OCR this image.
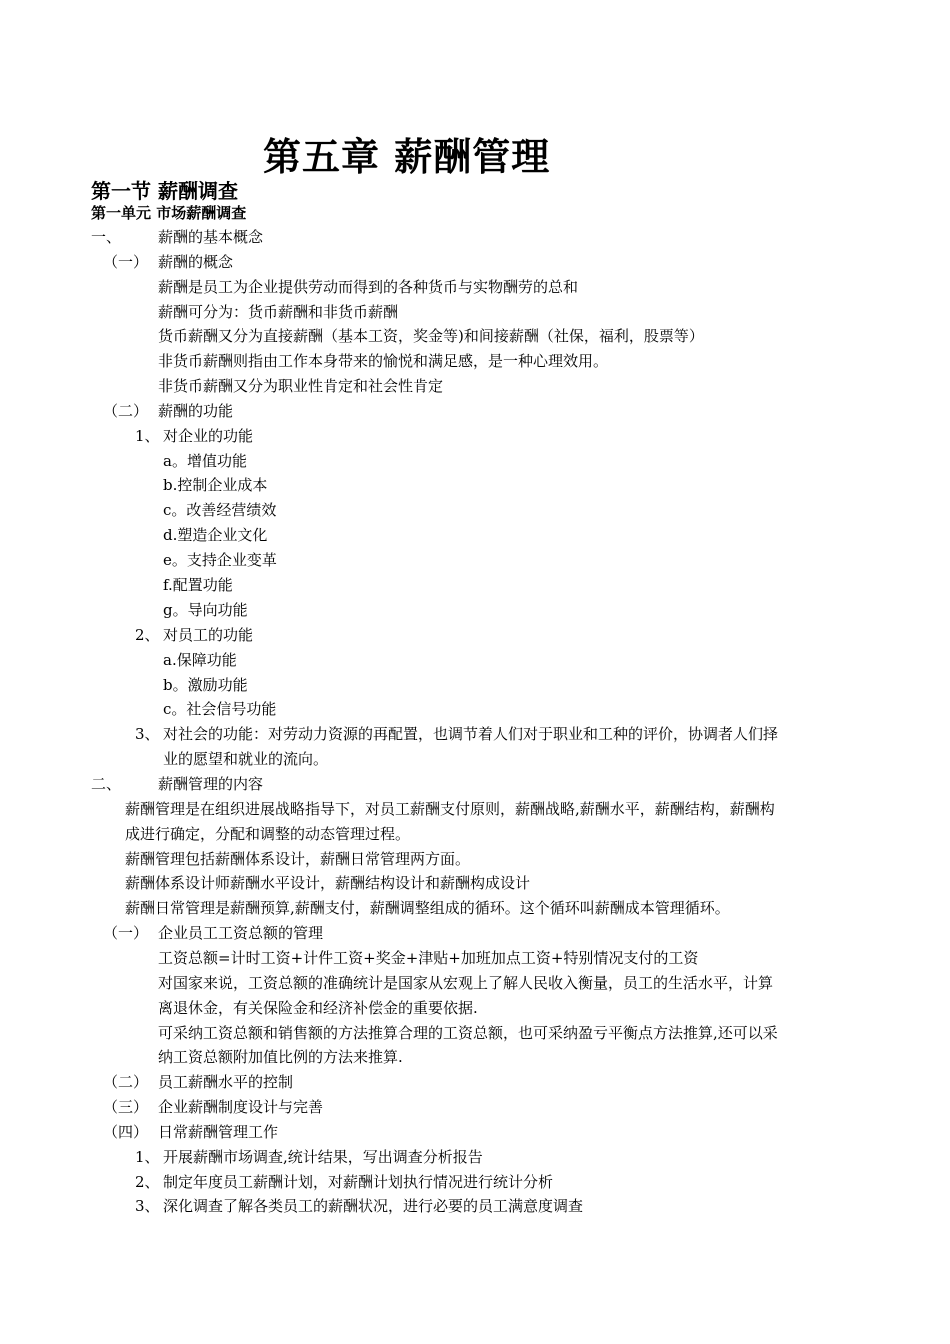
第五章 薪酬管理
第一节 薪酬调查
第一单元 市场薪酬调查
一、 薪酬的基本概念
（一） 薪酬的概念
薪酬是员工为企业提供劳动而得到的各种货币与实物酬劳的总和
薪酬可分为：货币薪酬和非货币薪酬
货币薪酬又分为直接薪酬（基本工资，奖金等)和间接薪酬（社保，福利，股票等）
非货币薪酬则指由工作本身带来的愉悦和满足感，是一种心理效用。
非货币薪酬又分为职业性肯定和社会性肯定
（二） 薪酬的功能
1、 对企业的功能
a。增值功能
b.控制企业成本
c。改善经营绩效
d.塑造企业文化
e。支持企业变革
f.配置功能
g。导向功能
2、 对员工的功能
a.保障功能
b。激励功能
c。社会信号功能
3、 对社会的功能：对劳动力资源的再配置，也调节着人们对于职业和工种的评价，协调者人们择
业的愿望和就业的流向。
二、 薪酬管理的内容
薪酬管理是在组织进展战略指导下，对员工薪酬支付原则，薪酬战略,薪酬水平，薪酬结构，薪酬构
成进行确定，分配和调整的动态管理过程。
薪酬管理包括薪酬体系设计，薪酬日常管理两方面。
薪酬体系设计师薪酬水平设计，薪酬结构设计和薪酬构成设计
薪酬日常管理是薪酬预算,薪酬支付，薪酬调整组成的循环。这个循环叫薪酬成本管理循环。
（一） 企业员工工资总额的管理
工资总额=计时工资+计件工资+奖金+津贴+加班加点工资+特别情况支付的工资
对国家来说，工资总额的准确统计是国家从宏观上了解人民收入衡量，员工的生活水平，计算
离退休金，有关保险金和经济补偿金的重要依据.
可采纳工资总额和销售额的方法推算合理的工资总额，也可采纳盈亏平衡点方法推算,还可以采
纳工资总额附加值比例的方法来推算.
（二） 员工薪酬水平的控制
（三） 企业薪酬制度设计与完善
（四） 日常薪酬管理工作
1、 开展薪酬市场调查,统计结果，写出调查分析报告
2、 制定年度员工薪酬计划，对薪酬计划执行情况进行统计分析
3、 深化调查了解各类员工的薪酬状况，进行必要的员工满意度调查
